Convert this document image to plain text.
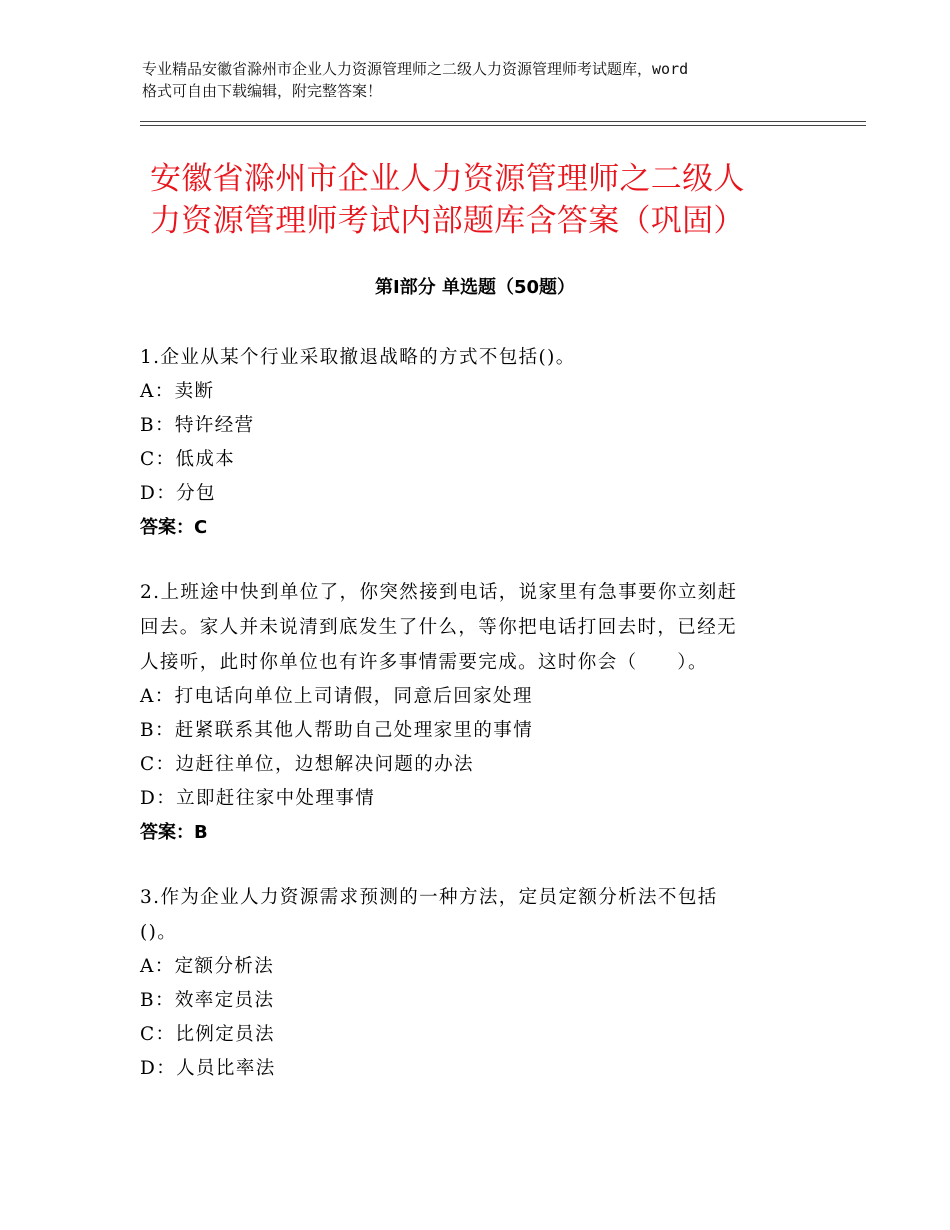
专业精品安徽省滁州市企业人力资源管理师之二级人力资源管理师考试题库，word
格式可自由下载编辑，附完整答案！
安徽省滁州市企业人力资源管理师之二级人
力资源管理师考试内部题库含答案（巩固）
第Ⅰ部分 单选题（50题）
1.企业从某个行业采取撤退战略的方式不包括()。
A：卖断
B：特许经营
C：低成本
D：分包
答案：C
2.上班途中快到单位了，你突然接到电话，说家里有急事要你立刻赶
回去。家人并未说清到底发生了什么，等你把电话打回去时，已经无
人接听，此时你单位也有许多事情需要完成。这时你会（　　）。
A：打电话向单位上司请假，同意后回家处理
B：赶紧联系其他人帮助自己处理家里的事情
C：边赶往单位，边想解决问题的办法
D：立即赶往家中处理事情
答案：B
3.作为企业人力资源需求预测的一种方法，定员定额分析法不包括
()。
A：定额分析法
B：效率定员法
C：比例定员法
D：人员比率法
